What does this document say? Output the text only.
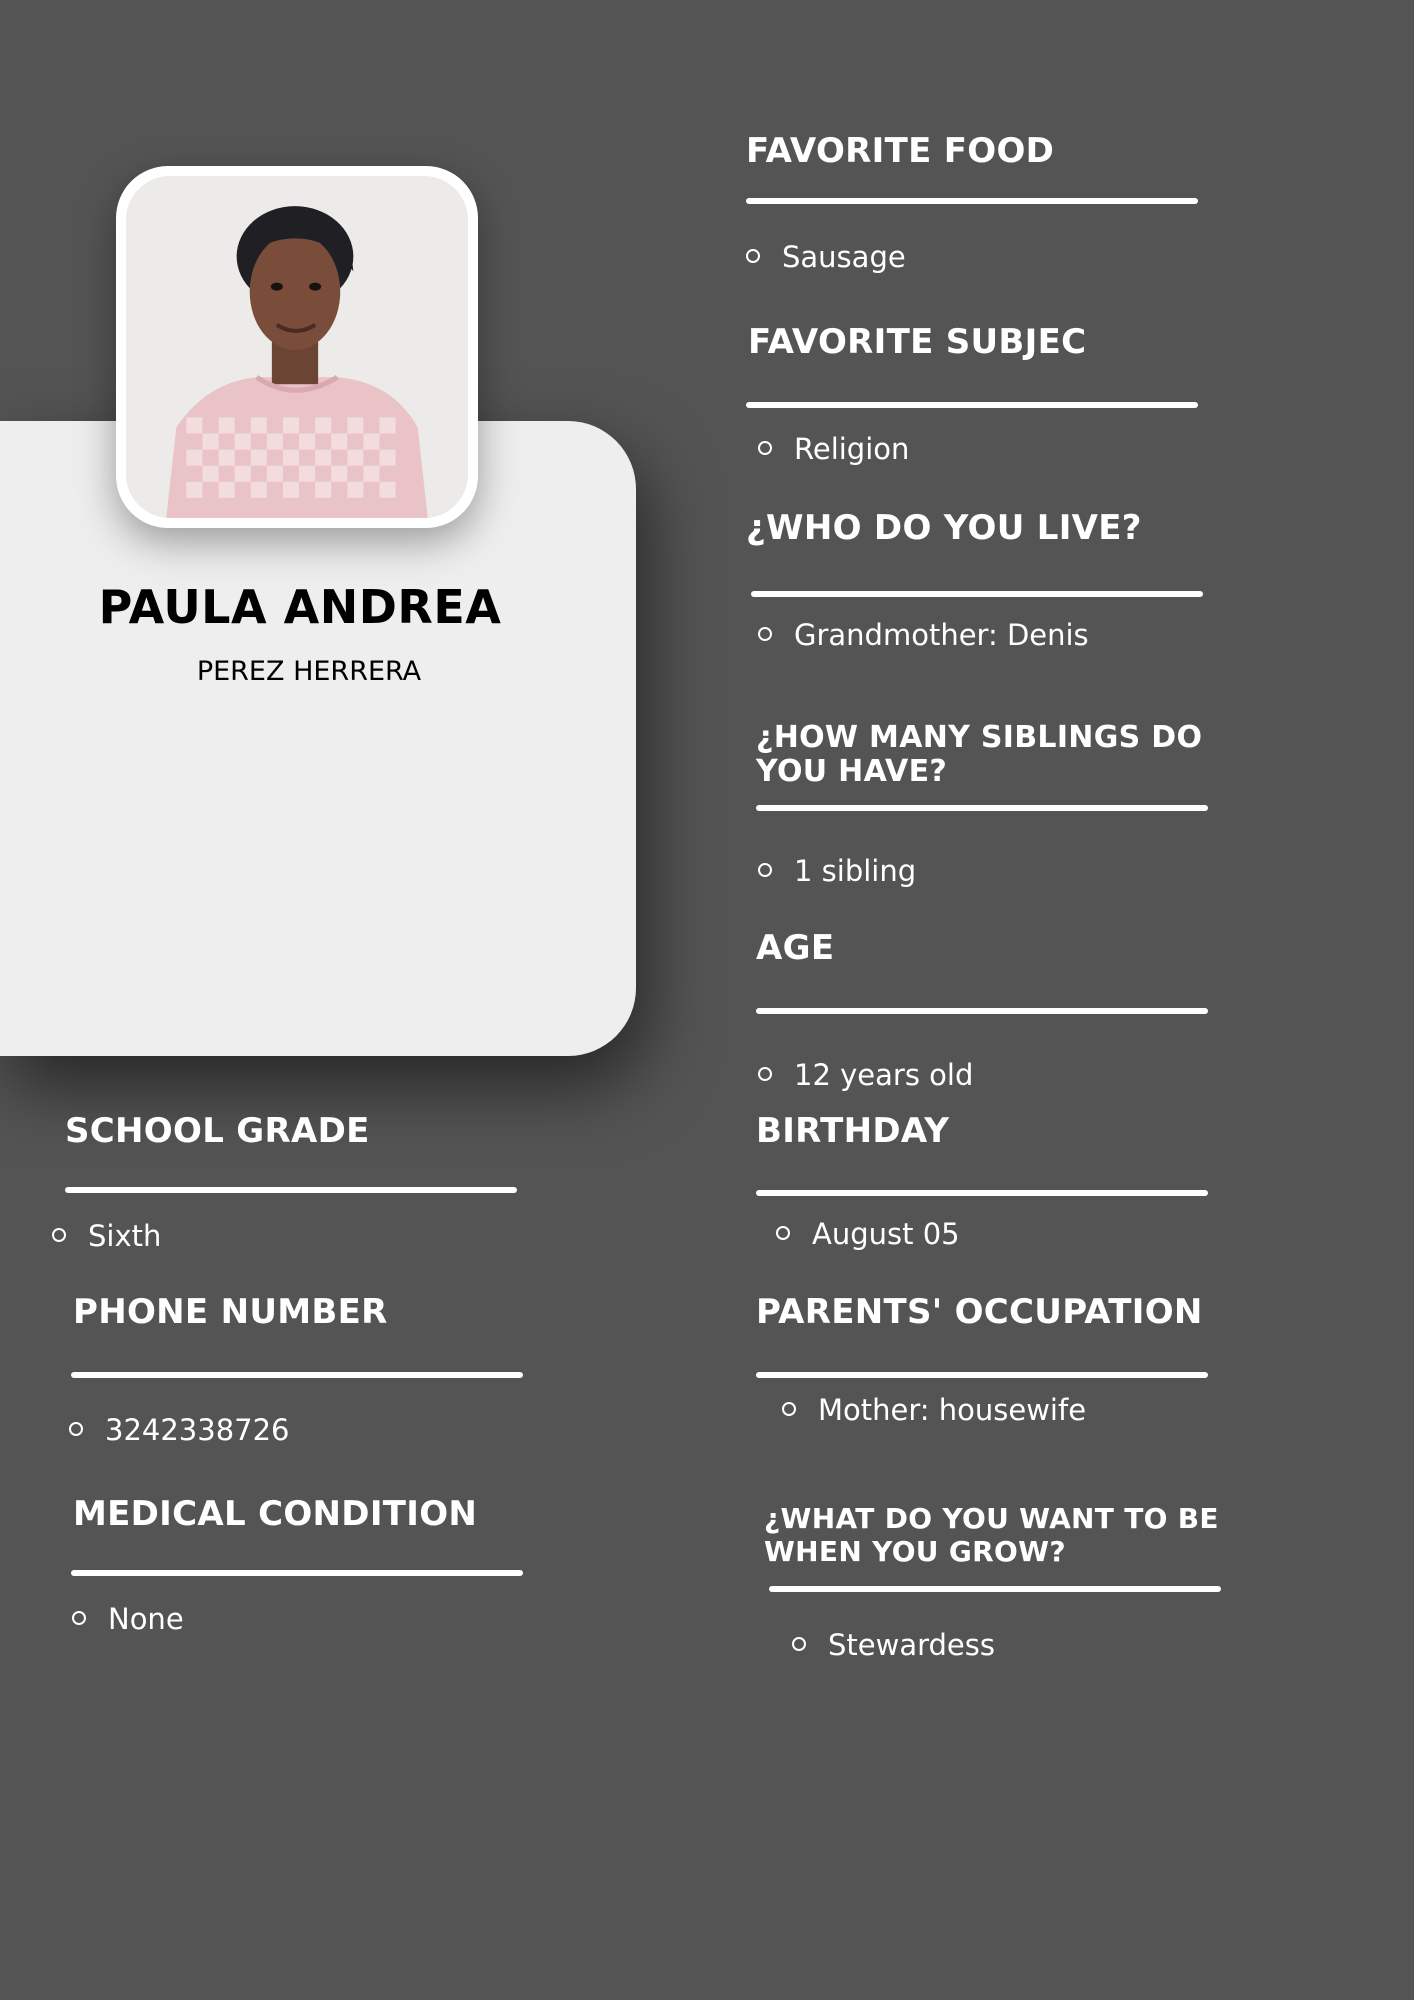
PAULA ANDREA
PEREZ HERRERA
FAVORITE FOOD
Sausage
FAVORITE SUBJEC
Religion
¿WHO DO YOU LIVE?
Grandmother: Denis
¿HOW MANY SIBLINGS DO YOU HAVE?
1 sibling
AGE
12 years old
BIRTHDAY
August 05
PARENTS' OCCUPATION
Mother: housewife
¿WHAT DO YOU WANT TO BE WHEN YOU GROW?
Stewardess
SCHOOL GRADE
Sixth
PHONE NUMBER
3242338726
MEDICAL CONDITION
None
